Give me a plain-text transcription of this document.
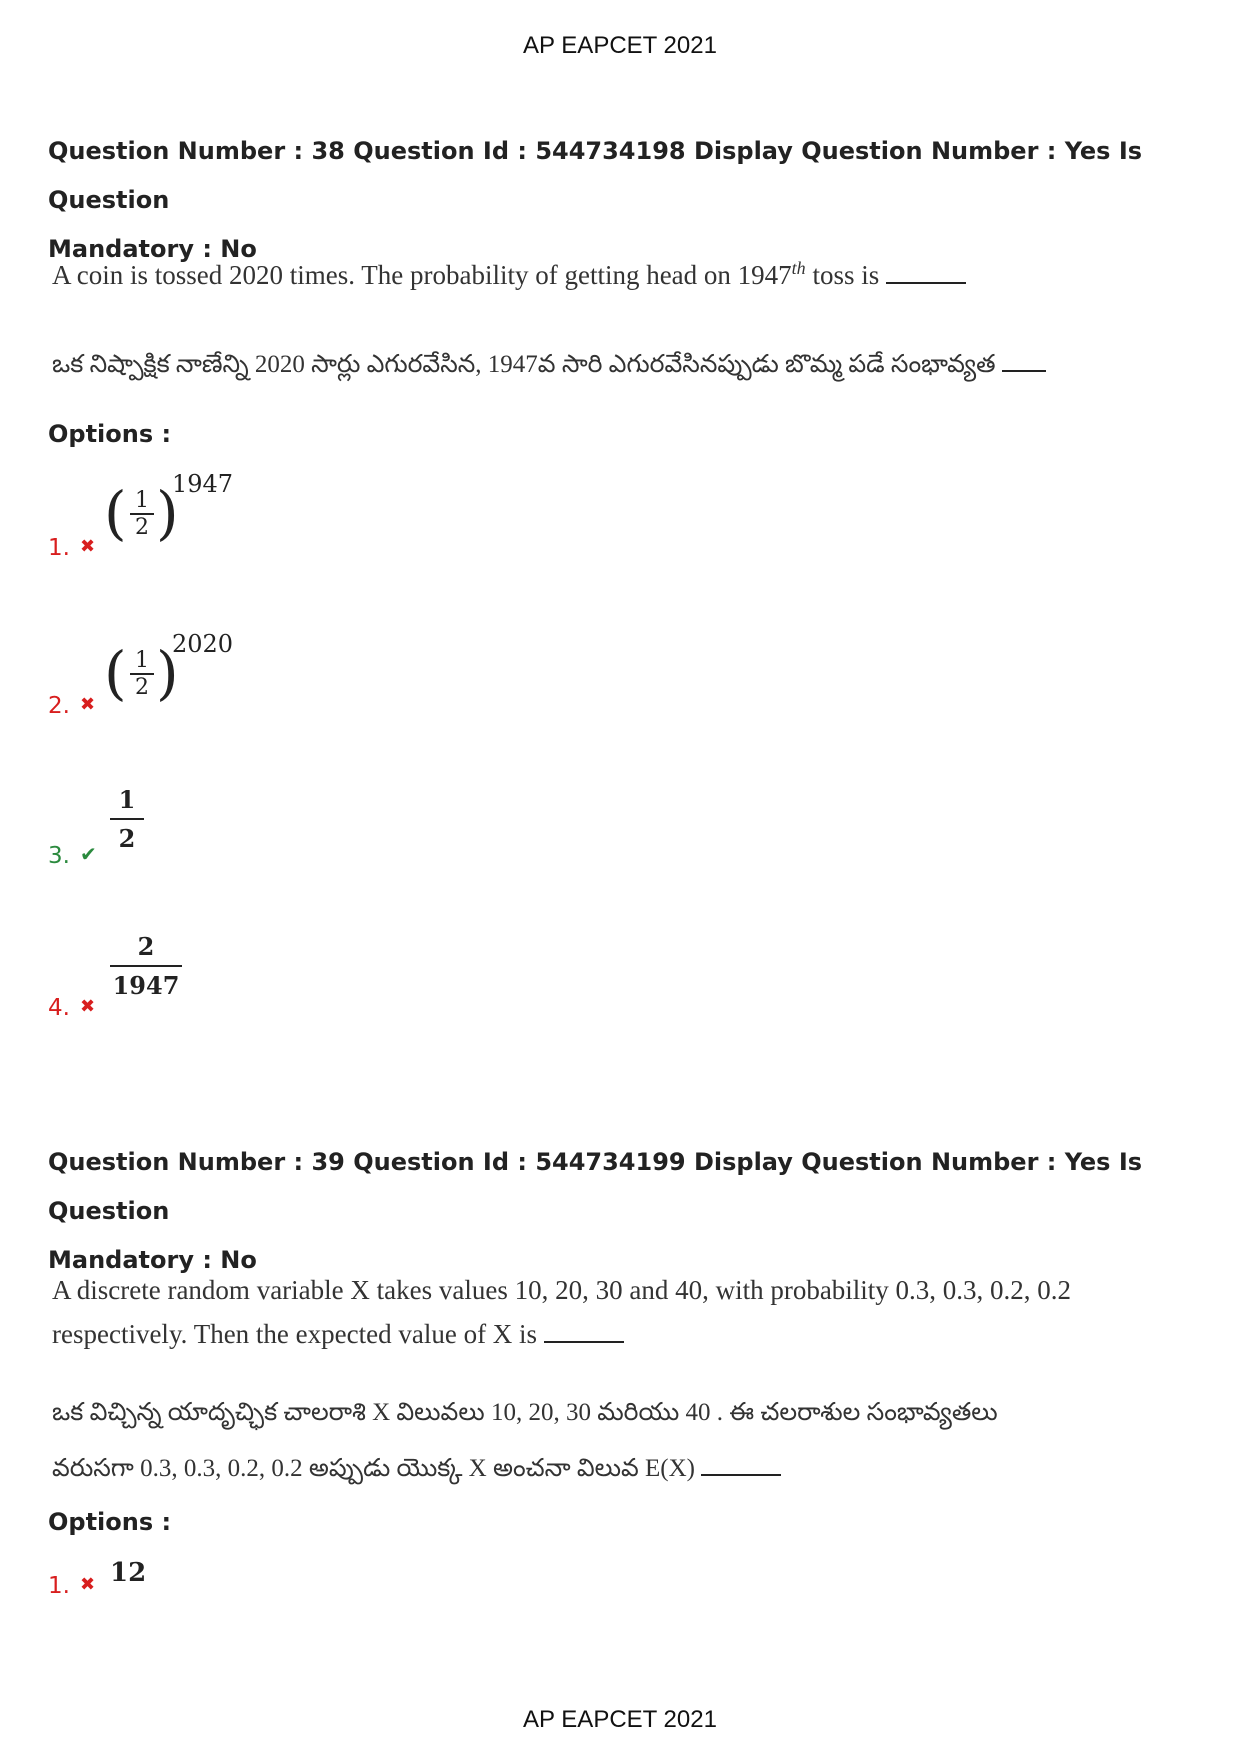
AP EAPCET 2021
Question Number : 38 Question Id : 544734198 Display Question Number : Yes Is Question
Mandatory : No
A coin is tossed 2020 times. The probability of getting head on 1947th toss is
ఒక నిష్పాక్షిక నాణేన్ని 2020 సార్లు ఎగురవేసిన, 1947వ సారి ఎగురవేసినప్పుడు బొమ్మ పడే సంభావ్యత
Options :
1. ✖ ( 1
2 )
1947
2. ✖ ( 1
2 )
2020
3. ✔
1
2
4. ✖
2
1947
Question Number : 39 Question Id : 544734199 Display Question Number : Yes Is Question
Mandatory : No
A discrete random variable X takes values 10, 20, 30 and 40, with probability 0.3, 0.3, 0.2, 0.2
respectively. Then the expected value of X is
ఒక విచ్చిన్న యాదృచ్ఛిక చాలరాశి X విలువలు 10, 20, 30 మరియు 40 . ఈ చలరాశుల సంభావ్యతలు
వరుసగా 0.3, 0.3, 0.2, 0.2 అప్పుడు యొక్క X అంచనా విలువ E(X)
Options :
1. ✖ 12
AP EAPCET 2021
